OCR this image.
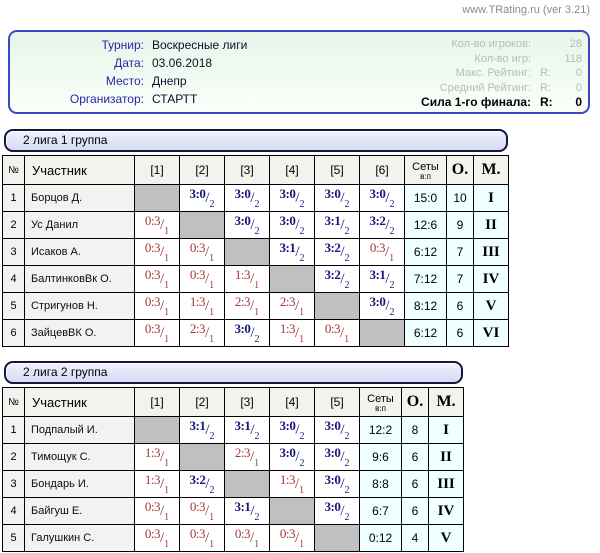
www.TRating.ru (ver 3.21)
Турнир: Воскресные лиги
Дата: 03.06.2018
Место: Днепр
Организатор: СТАРТТ
Кол-во игроков:	28
Кол-во игр:	118
Макс. Рейтинг: R:	0
Средний Рейтинг: R:	0
Сила 1-го финала: R:	0
2 лига 1 группа
№	Участник	[1]	[2]	[3]	[4]	[5]	[6]	Сеты
в:п	О.	М.
1	Борцов Д.		$^{3:0}/_2$	$^{3:0}/_2$	$^{3:0}/_2$	$^{3:0}/_2$	$^{3:0}/_2$	15:0	10	I
2	Ус Данил	$^{0:3}/_1$		$^{3:0}/_2$	$^{3:0}/_2$	$^{3:1}/_2$	$^{3:2}/_2$	12:6	9	II
3	Исаков А.	$^{0:3}/_1$	$^{0:3}/_1$		$^{3:1}/_2$	$^{3:2}/_2$	$^{0:3}/_1$	6:12	7	III
4	БалтинковВк О.	$^{0:3}/_1$	$^{0:3}/_1$	$^{1:3}/_1$		$^{3:2}/_2$	$^{3:1}/_2$	7:12	7	IV
5	Стригунов Н.	$^{0:3}/_1$	$^{1:3}/_1$	$^{2:3}/_1$	$^{2:3}/_1$		$^{3:0}/_2$	8:12	6	V
6	ЗайцевВК О.	$^{0:3}/_1$	$^{2:3}/_1$	$^{3:0}/_2$	$^{1:3}/_1$	$^{0:3}/_1$		6:12	6	VI
2 лига 2 группа
№	Участник	[1]	[2]	[3]	[4]	[5]	Сеты
в:п	О.	М.
1	Подпалый И.		$^{3:1}/_2$	$^{3:1}/_2$	$^{3:0}/_2$	$^{3:0}/_2$	12:2	8	I
2	Тимощук С.	$^{1:3}/_1$		$^{2:3}/_1$	$^{3:0}/_2$	$^{3:0}/_2$	9:6	6	II
3	Бондарь И.	$^{1:3}/_1$	$^{3:2}/_2$		$^{1:3}/_1$	$^{3:0}/_2$	8:8	6	III
4	Байгуш Е.	$^{0:3}/_1$	$^{0:3}/_1$	$^{3:1}/_2$		$^{3:0}/_2$	6:7	6	IV
5	Галушкин С.	$^{0:3}/_1$	$^{0:3}/_1$	$^{0:3}/_1$	$^{0:3}/_1$		0:12	4	V
